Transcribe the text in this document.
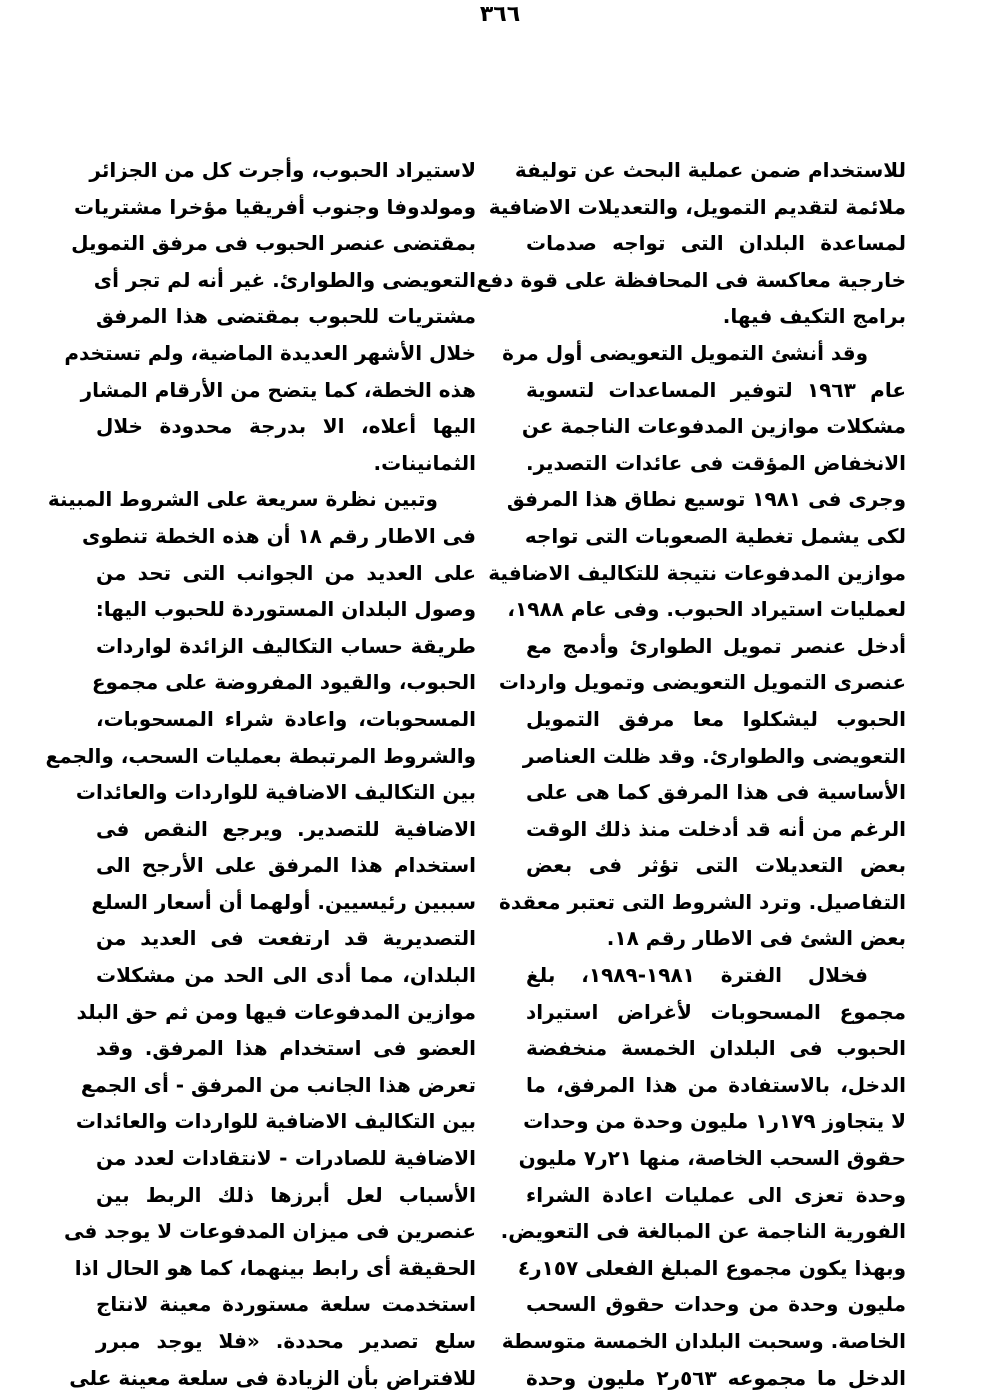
٣٦٦
للاستخدام ضمن عملية البحث عن توليفة
ملائمة لتقديم التمويل، والتعديلات الاضافية
لمساعدة البلدان التى تواجه صدمات
خارجية معاكسة فى المحافظة على قوة دفع
برامج التكيف فيها.
وقد أنشئ التمويل التعويضى أول مرة
عام ١٩٦٣ لتوفير المساعدات لتسوية
مشكلات موازين المدفوعات الناجمة عن
الانخفاض المؤقت فى عائدات التصدير.
وجرى فى ١٩٨١ توسيع نطاق هذا المرفق
لكى يشمل تغطية الصعوبات التى تواجه
موازين المدفوعات نتيجة للتكاليف الاضافية
لعمليات استيراد الحبوب. وفى عام ١٩٨٨،
أدخل عنصر تمويل الطوارئ وأدمج مع
عنصرى التمويل التعويضى وتمويل واردات
الحبوب ليشكلوا معا مرفق التمويل
التعويضى والطوارئ. وقد ظلت العناصر
الأساسية فى هذا المرفق كما هى على
الرغم من أنه قد أدخلت منذ ذلك الوقت
بعض التعديلات التى تؤثر فى بعض
التفاصيل. وترد الشروط التى تعتبر معقدة
بعض الشئ فى الاطار رقم ١٨.
فخلال الفترة ١٩٨١-١٩٨٩، بلغ
مجموع المسحوبات لأغراض استيراد
الحبوب فى البلدان الخمسة منخفضة
الدخل، بالاستفادة من هذا المرفق، ما
لا يتجاوز ١٧٩ر١ مليون وحدة من وحدات
حقوق السحب الخاصة، منها ٢١ر٧ مليون
وحدة تعزى الى عمليات اعادة الشراء
الفورية الناجمة عن المبالغة فى التعويض.
وبهذا يكون مجموع المبلغ الفعلى ١٥٧ر٤
مليون وحدة من وحدات حقوق السحب
الخاصة. وسحبت البلدان الخمسة متوسطة
الدخل ما مجموعه ٥٦٣ر٢ مليون وحدة
لاستيراد الحبوب، وأجرت كل من الجزائر
ومولدوفا وجنوب أفريقيا مؤخرا مشتريات
بمقتضى عنصر الحبوب فى مرفق التمويل
التعويضى والطوارئ. غير أنه لم تجر أى
مشتريات للحبوب بمقتضى هذا المرفق
خلال الأشهر العديدة الماضية، ولم تستخدم
هذه الخطة، كما يتضح من الأرقام المشار
اليها أعلاه، الا بدرجة محدودة خلال
الثمانينات.
وتبين نظرة سريعة على الشروط المبينة
فى الاطار رقم ١٨ أن هذه الخطة تنطوى
على العديد من الجوانب التى تحد من
وصول البلدان المستوردة للحبوب اليها:
طريقة حساب التكاليف الزائدة لواردات
الحبوب، والقيود المفروضة على مجموع
المسحوبات، واعادة شراء المسحوبات،
والشروط المرتبطة بعمليات السحب، والجمع
بين التكاليف الاضافية للواردات والعائدات
الاضافية للتصدير. ويرجع النقص فى
استخدام هذا المرفق على الأرجح الى
سببين رئيسيين. أولهما أن أسعار السلع
التصديرية قد ارتفعت فى العديد من
البلدان، مما أدى الى الحد من مشكلات
موازين المدفوعات فيها ومن ثم حق البلد
العضو فى استخدام هذا المرفق. وقد
تعرض هذا الجانب من المرفق - أى الجمع
بين التكاليف الاضافية للواردات والعائدات
الاضافية للصادرات - لانتقادات لعدد من
الأسباب لعل أبرزها ذلك الربط بين
عنصرين فى ميزان المدفوعات لا يوجد فى
الحقيقة أى رابط بينهما، كما هو الحال اذا
استخدمت سلعة مستوردة معينة لانتاج
سلع تصدير محددة. «فلا يوجد مبرر
للافتراض بأن الزيادة فى سلعة معينة على
